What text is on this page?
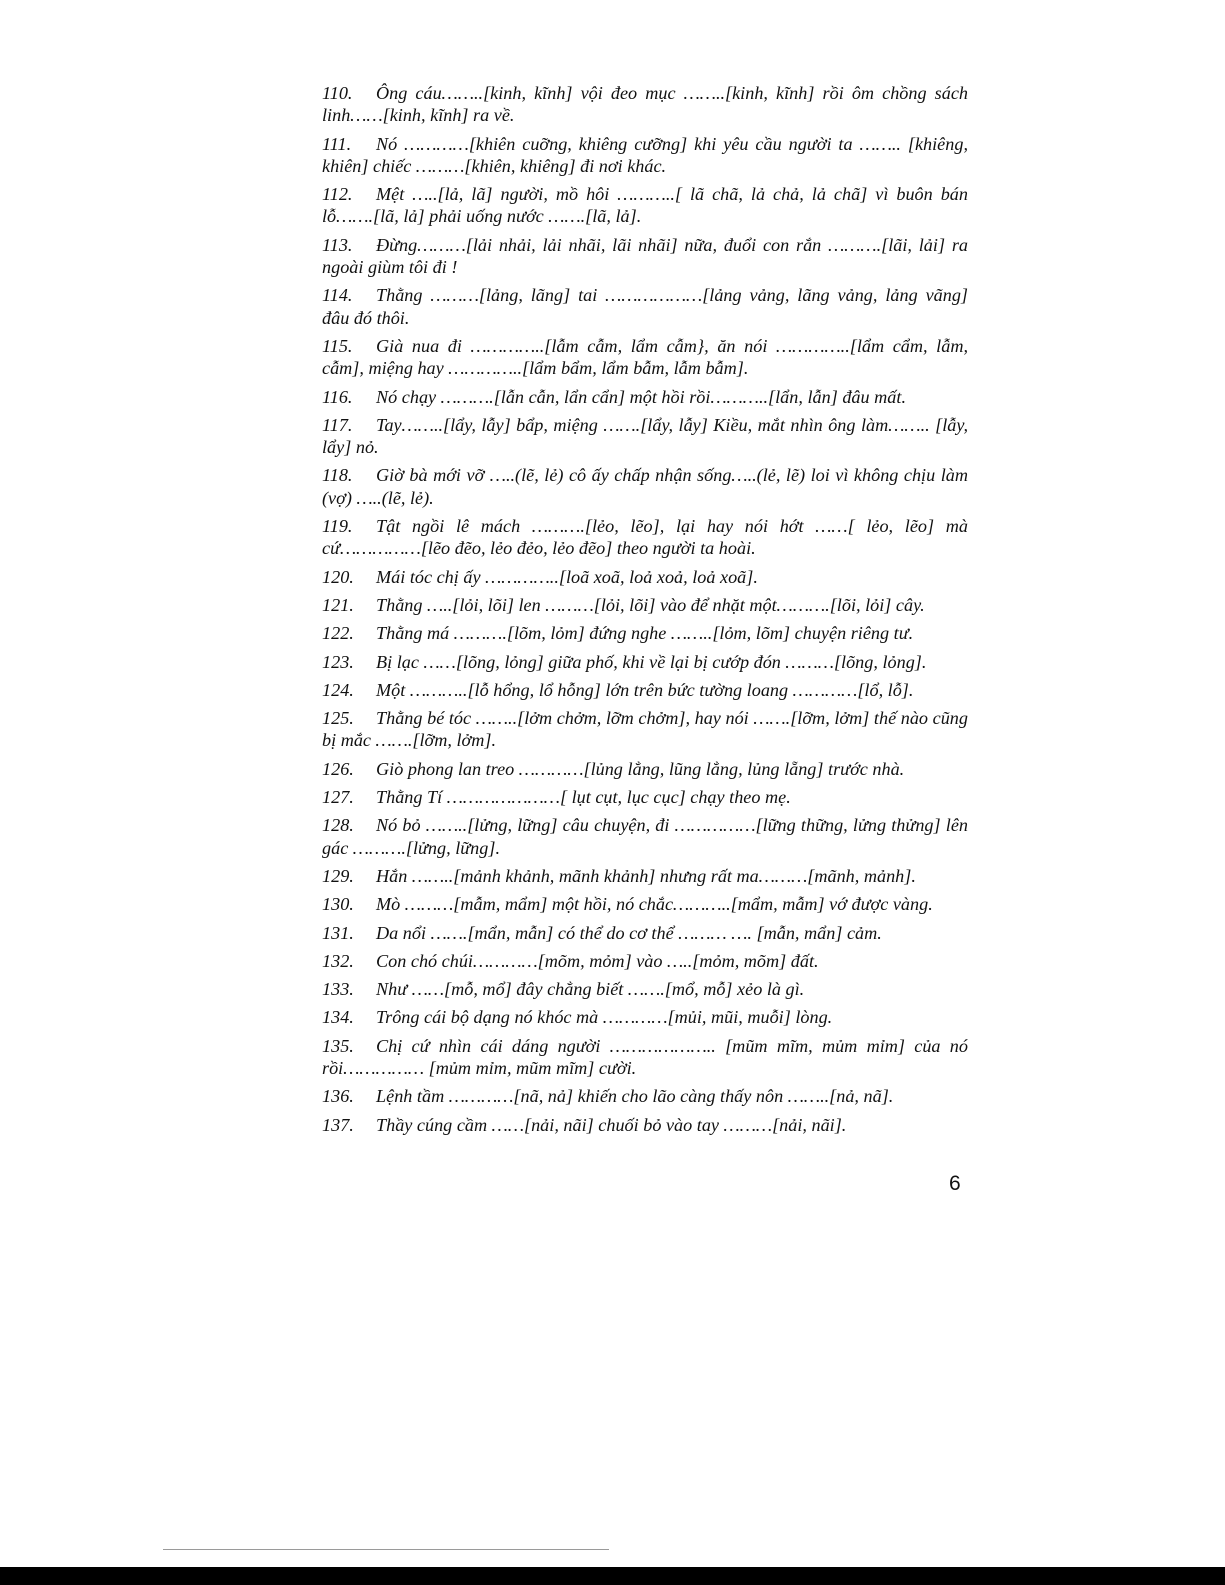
110. Ông cáu……..[kinh, kĩnh] vội đeo mục ……..[kinh, kĩnh] rồi ôm chồng sách linh……[kinh, kĩnh] ra về.
111. Nó …………[khiên cuỡng, khiêng cưỡng] khi yêu cầu người ta …….. [khiêng, khiên] chiếc ………[khiên, khiêng] đi nơi khác.
112. Mệt …..[lả, lã] người, mồ hôi ………..[ lã chã, lả chả, lả chã] vì buôn bán lỗ…….[lã, lả] phải uống nước …….[lã, lả].
113. Đừng………[lải nhải, lải nhãi, lãi nhãi] nữa, đuổi con rắn ……….[lãi, lải] ra ngoài giùm tôi đi !
114. Thằng ………[lảng, lãng] tai ………………[lảng vảng, lãng vảng, lảng vãng] đâu đó thôi.
115. Già nua đi …………..[lẫm cẫm, lẩm cẫm}, ăn nói …………..[lẩm cẩm, lẫm, cẫm], miệng hay …………..[lẩm bẩm, lẩm bẫm, lẫm bẫm].
116. Nó chạy ……….[lẫn cẫn, lẩn cẩn] một hồi rồi………..[lẩn, lẫn] đâu mất.
117. Tay……..[lẩy, lẫy] bẩp, miệng …….[lẩy, lẫy] Kiều, mắt nhìn ông làm…….. [lẫy, lẩy] nỏ.
118. Giờ bà mới vỡ …..(lẽ, lẻ) cô ấy chấp nhận sống…..(lẻ, lẽ) loi vì không chịu làm (vợ) …..(lẽ, lẻ).
119. Tật ngồi lê mách ……….[lẻo, lẽo], lại hay nói hớt ……[ lẻo, lẽo] mà cứ……………[lẽo đẽo, lẻo đẻo, lẻo đẽo] theo người ta hoài.
120. Mái tóc chị ấy …………..[loã xoã, loả xoả, loả xoã].
121. Thằng …..[lỏi, lõi] len ………[lỏi, lõi] vào để nhặt một……….[lõi, lỏi] cây.
122. Thằng má ……….[lõm, lỏm] đứng nghe ……..[lỏm, lõm] chuyện riêng tư.
123. Bị lạc ……[lõng, lỏng] giữa phố, khi về lại bị cướp đón ………[lõng, lỏng].
124. Một ………..[lỗ hổng, lổ hỗng] lớn trên bức tường loang …………[lổ, lỗ].
125. Thằng bé tóc ……..[lởm chởm, lỡm chởm], hay nói …….[lỡm, lởm] thế nào cũng bị mắc …….[lỡm, lởm].
126. Giò phong lan treo …………[lủng lẳng, lũng lẳng, lủng lẵng] trước nhà.
127. Thằng Tí …………………[ lụt cụt, lục cục] chạy theo mẹ.
128. Nó bỏ ……..[lửng, lững] câu chuyện, đi ……………[lững thững, lửng thửng] lên gác ……….[lửng, lững].
129. Hắn ……..[mảnh khảnh, mãnh khảnh] nhưng rất ma………[mãnh, mảnh].
130. Mò ………[mẫm, mẩm] một hồi, nó chắc………..[mẩm, mẫm] vớ được vàng.
131. Da nổi …….[mẩn, mẫn] có thể do cơ thể ……… …. [mẫn, mẩn] cảm.
132. Con chó chúi…………[mõm, mỏm] vào …..[mỏm, mõm] đất.
133. Như ……[mỗ, mổ] đây chẳng biết …….[mổ, mỗ] xẻo là gì.
134. Trông cái bộ dạng nó khóc mà …………[mủi, mũi, muỗi] lòng.
135. Chị cứ nhìn cái dáng người ……………….. [mũm mĩm, mủm mỉm] của nó rồi…………… [mủm mỉm, mũm mĩm] cười.
136. Lệnh tầm …………[nã, nả] khiến cho lão càng thấy nôn ……..[nả, nã].
137. Thầy cúng cầm ……[nải, nãi] chuối bỏ vào tay ………[nải, nãi].
6
